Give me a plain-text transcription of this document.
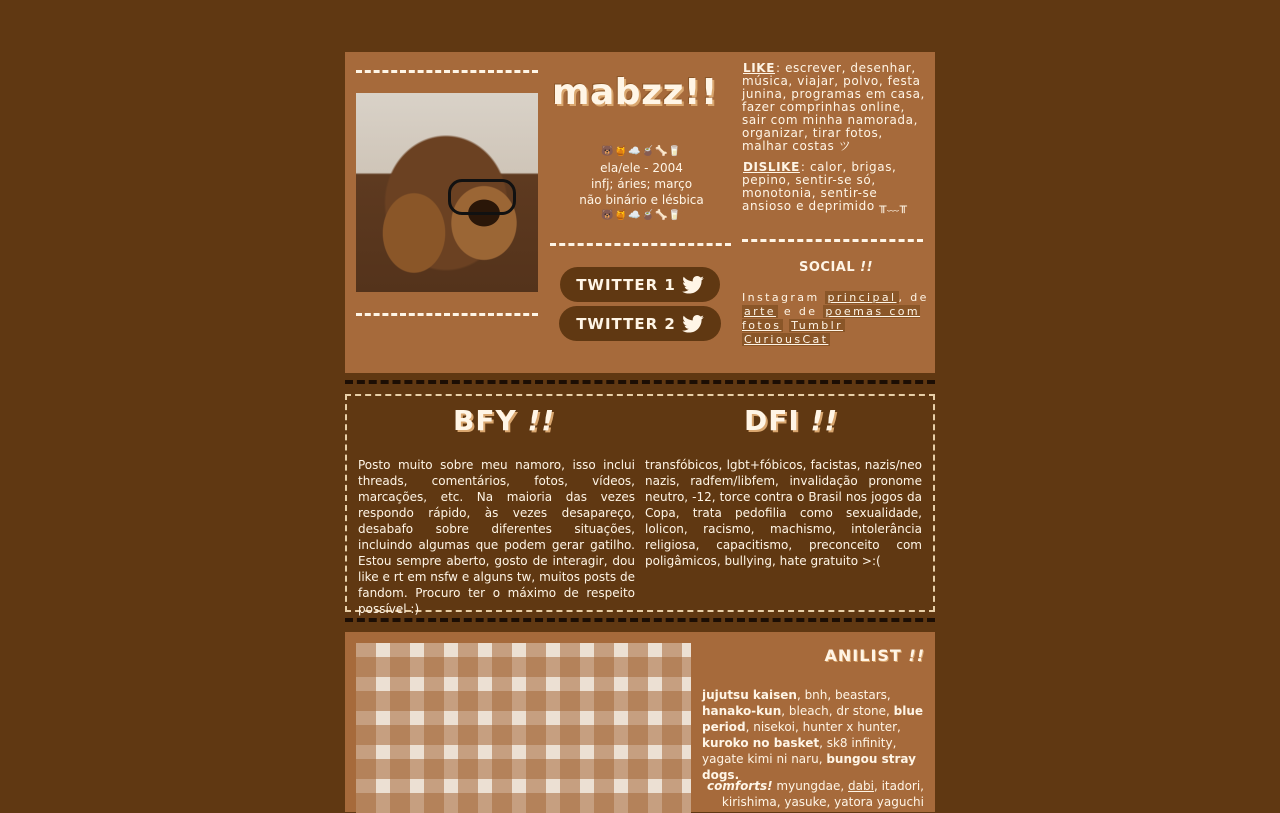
mabzz!!
🐻🍯☁️🧉🦴🥛
ela/ele - 2004
infj; áries; março
não binário e lésbica
🐻🍯☁️🧉🦴🥛
TWITTER 1
TWITTER 2

LIKE: escrever, desenhar, música, viajar, polvo, festa junina, programas em casa, fazer comprinhas online, sair com minha namorada, organizar, tirar fotos, malhar costas ツ

DISLIKE: calor, brigas, pepino, sentir-se só, monotonia, sentir-se ansioso e deprimido ╥﹏╥

SOCIAL !!
Instagram principal , de arte e de poemas com fotos Tumblr
CuriousCat
BFY !!	DFI !!
Posto muito sobre meu namoro, isso inclui threads, comentários, fotos, vídeos, marcações, etc. Na maioria das vezes respondo rápido, às vezes desapareço, desabafo sobre diferentes situações, incluindo algumas que podem gerar gatilho. Estou sempre aberto, gosto de interagir, dou like e rt em nsfw e alguns tw, muitos posts de fandom. Procuro ter o máximo de respeito possível :)
transfóbicos, lgbt+fóbicos, facistas, nazis/neo nazis, radfem/libfem, invalidação pronome neutro, -12, torce contra o Brasil nos jogos da Copa, trata pedofilia como sexualidade, lolicon, racismo, machismo, intolerância religiosa, capacitismo, preconceito com poligâmicos, bullying, hate gratuito >:(
ANILIST !!
jujutsu kaisen, bnh, beastars, hanako-kun, bleach, dr stone, blue period, nisekoi, hunter x hunter, kuroko no basket, sk8 infinity, yagate kimi ni naru, bungou stray dogs.
comforts! myungdae, dabi, itadori, kirishima, yasuke, yatora yaguchi
